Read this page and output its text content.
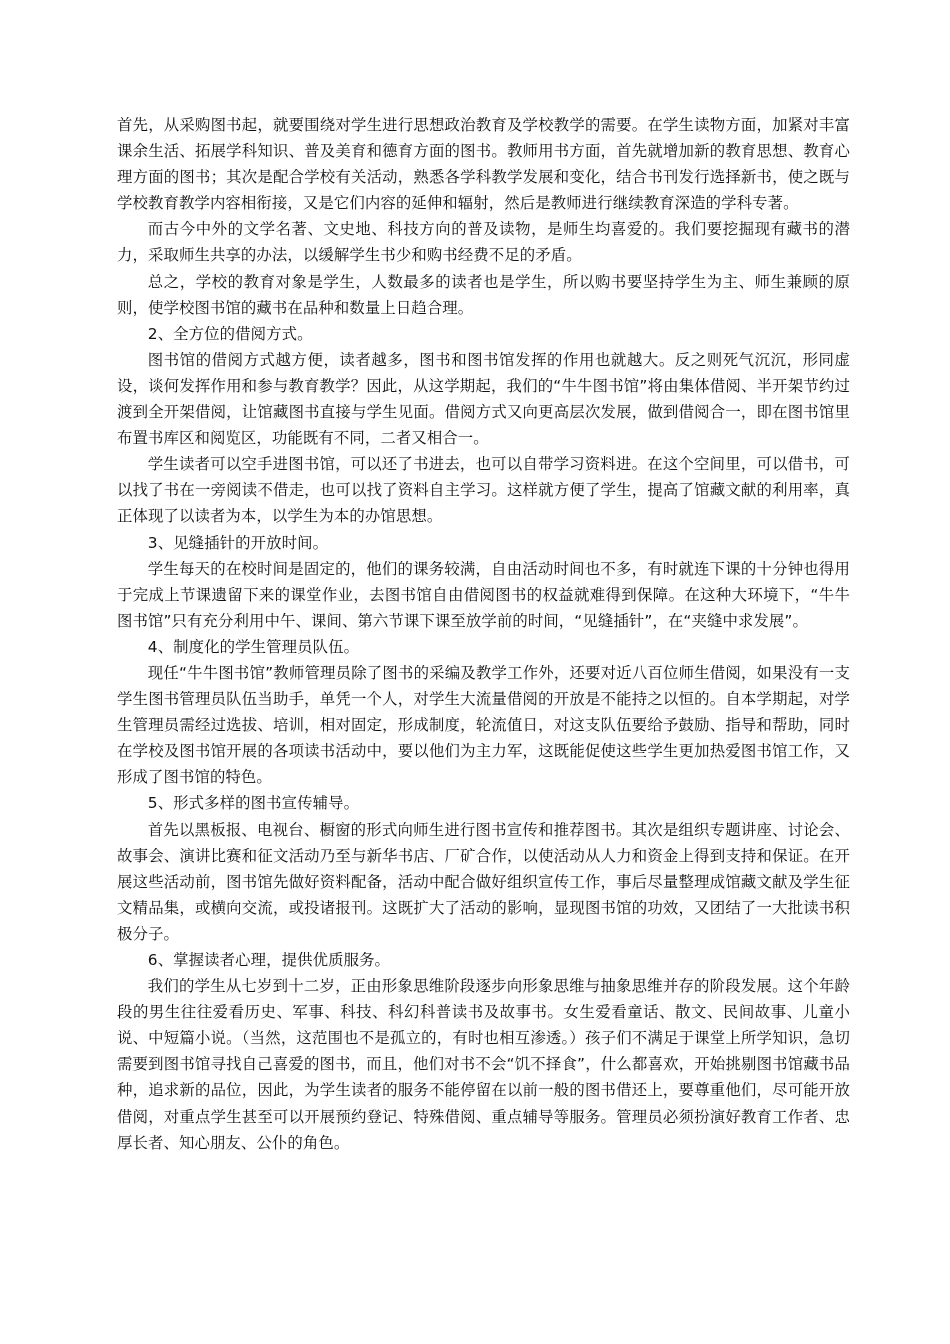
首先，从采购图书起，就要围绕对学生进行思想政治教育及学校教学的需要。在学生读物方面，加紧对丰富课余生活、拓展学科知识、普及美育和德育方面的图书。教师用书方面，首先就增加新的教育思想、教育心理方面的图书；其次是配合学校有关活动，熟悉各学科教学发展和变化，结合书刊发行选择新书，使之既与学校教育教学内容相衔接，又是它们内容的延伸和辐射，然后是教师进行继续教育深造的学科专著。

而古今中外的文学名著、文史地、科技方向的普及读物，是师生均喜爱的。我们要挖掘现有藏书的潜力，采取师生共享的办法，以缓解学生书少和购书经费不足的矛盾。

总之，学校的教育对象是学生，人数最多的读者也是学生，所以购书要坚持学生为主、师生兼顾的原则，使学校图书馆的藏书在品种和数量上日趋合理。

2、全方位的借阅方式。

图书馆的借阅方式越方便，读者越多，图书和图书馆发挥的作用也就越大。反之则死气沉沉，形同虚设，谈何发挥作用和参与教育教学？因此，从这学期起，我们的“牛牛图书馆”将由集体借阅、半开架节约过渡到全开架借阅，让馆藏图书直接与学生见面。借阅方式又向更高层次发展，做到借阅合一，即在图书馆里布置书库区和阅览区，功能既有不同，二者又相合一。

学生读者可以空手进图书馆，可以还了书进去，也可以自带学习资料进。在这个空间里，可以借书，可以找了书在一旁阅读不借走，也可以找了资料自主学习。这样就方便了学生，提高了馆藏文献的利用率，真正体现了以读者为本，以学生为本的办馆思想。

3、见缝插针的开放时间。

学生每天的在校时间是固定的，他们的课务较满，自由活动时间也不多，有时就连下课的十分钟也得用于完成上节课遗留下来的课堂作业，去图书馆自由借阅图书的权益就难得到保障。在这种大环境下，“牛牛图书馆”只有充分利用中午、课间、第六节课下课至放学前的时间，“见缝插针”，在“夹缝中求发展”。

4、制度化的学生管理员队伍。

现任“牛牛图书馆”教师管理员除了图书的采编及教学工作外，还要对近八百位师生借阅，如果没有一支学生图书管理员队伍当助手，单凭一个人，对学生大流量借阅的开放是不能持之以恒的。自本学期起，对学生管理员需经过选拔、培训，相对固定，形成制度，轮流值日，对这支队伍要给予鼓励、指导和帮助，同时在学校及图书馆开展的各项读书活动中，要以他们为主力军，这既能促使这些学生更加热爱图书馆工作，又形成了图书馆的特色。

5、形式多样的图书宣传辅导。

首先以黑板报、电视台、橱窗的形式向师生进行图书宣传和推荐图书。其次是组织专题讲座、讨论会、故事会、演讲比赛和征文活动乃至与新华书店、厂矿合作，以使活动从人力和资金上得到支持和保证。在开展这些活动前，图书馆先做好资料配备，活动中配合做好组织宣传工作，事后尽量整理成馆藏文献及学生征文精品集，或横向交流，或投诸报刊。这既扩大了活动的影响，显现图书馆的功效，又团结了一大批读书积极分子。

6、掌握读者心理，提供优质服务。

我们的学生从七岁到十二岁，正由形象思维阶段逐步向形象思维与抽象思维并存的阶段发展。这个年龄段的男生往往爱看历史、军事、科技、科幻科普读书及故事书。女生爱看童话、散文、民间故事、儿童小说、中短篇小说。（当然，这范围也不是孤立的，有时也相互渗透。）孩子们不满足于课堂上所学知识，急切需要到图书馆寻找自己喜爱的图书，而且，他们对书不会“饥不择食”，什么都喜欢，开始挑剔图书馆藏书品种，追求新的品位，因此，为学生读者的服务不能停留在以前一般的图书借还上，要尊重他们，尽可能开放借阅，对重点学生甚至可以开展预约登记、特殊借阅、重点辅导等服务。管理员必须扮演好教育工作者、忠厚长者、知心朋友、公仆的角色。
